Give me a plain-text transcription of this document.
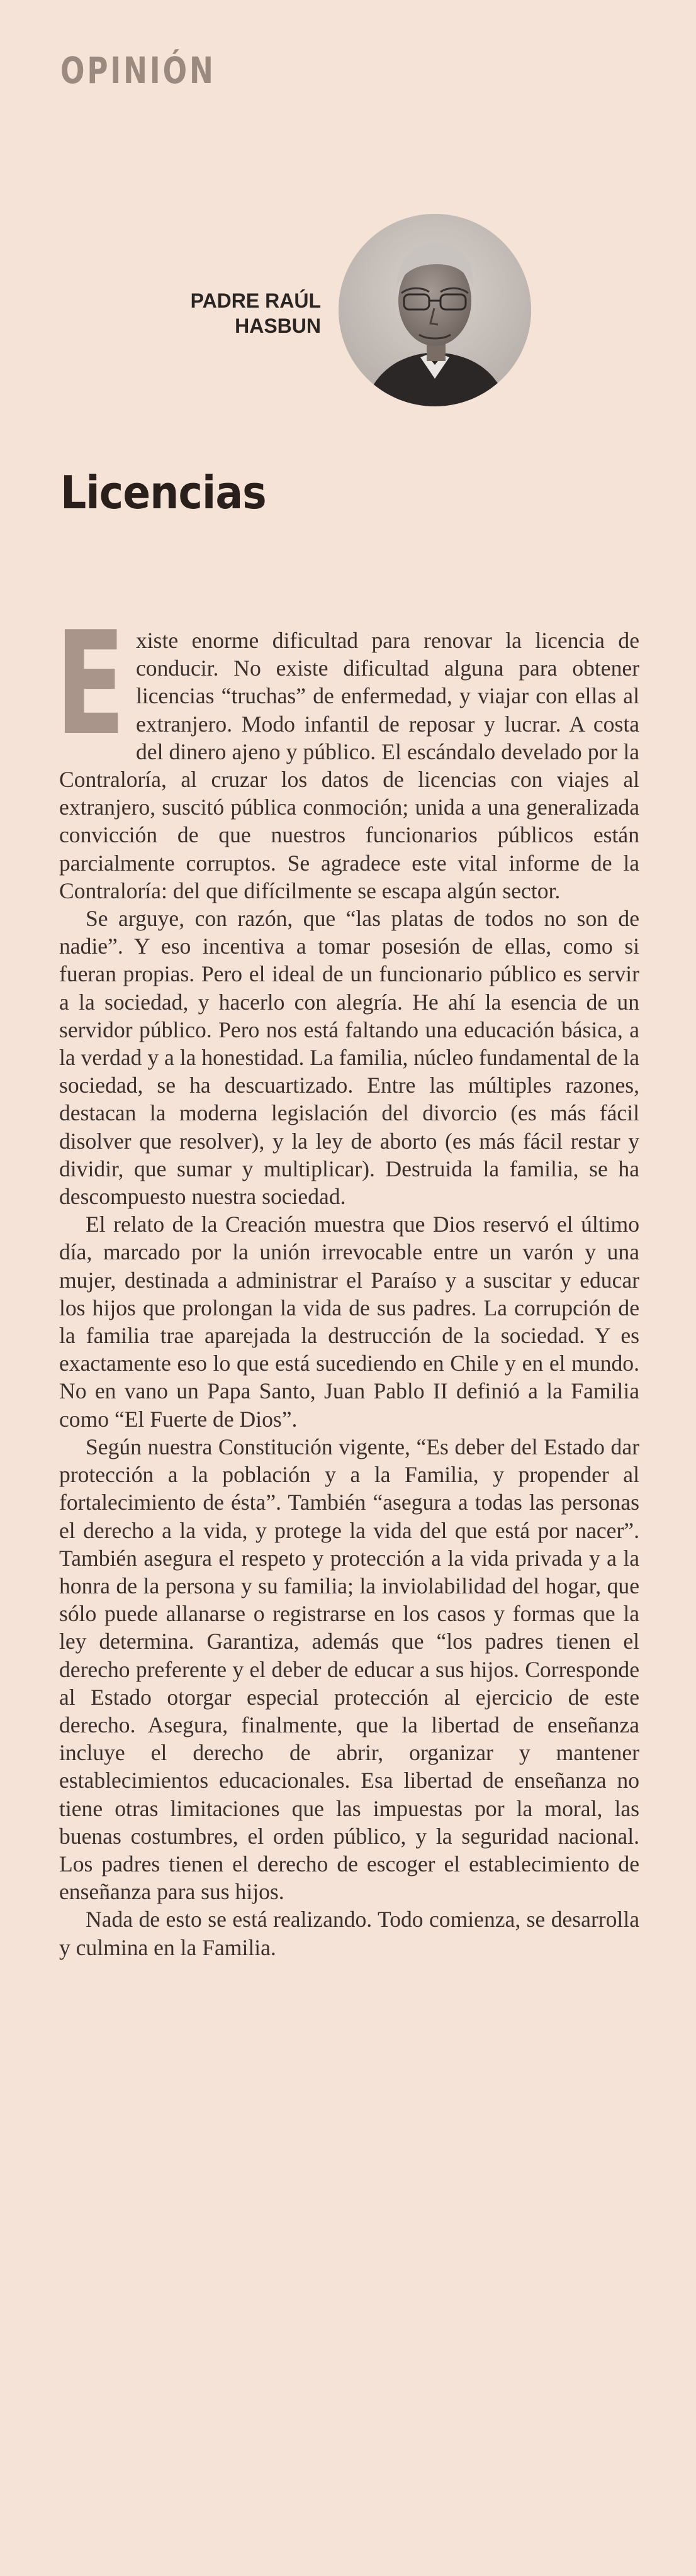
OPINIÓN
PADRE RAÚL
HASBUN
Licencias

Existe enorme dificultad para renovar la licencia de conducir. No existe dificultad alguna para obtener licencias “truchas” de enfermedad, y viajar con ellas al extranjero. Modo infantil de reposar y lucrar. A costa del dinero ajeno y público. El escándalo develado por la Contraloría, al cruzar los datos de licencias con viajes al extranjero, suscitó pública conmoción; unida a una generalizada convicción de que nuestros funcionarios públicos están parcialmente corruptos. Se agradece este vital informe de la Contraloría: del que difícilmente se escapa algún sector.

Se arguye, con razón, que “las platas de todos no son de nadie”. Y eso incentiva a tomar posesión de ellas, como si fueran propias. Pero el ideal de un funcionario público es servir a la sociedad, y hacerlo con alegría. He ahí la esencia de un servidor público. Pero nos está faltando una educación básica, a la verdad y a la honestidad. La familia, núcleo fundamental de la sociedad, se ha descuartizado. Entre las múltiples razones, destacan la moderna legislación del divorcio (es más fácil disolver que resolver), y la ley de aborto (es más fácil restar y dividir, que sumar y multiplicar). Destruida la familia, se ha descompuesto nuestra sociedad.

El relato de la Creación muestra que Dios reservó el último día, marcado por la unión irrevocable entre un varón y una mujer, destinada a administrar el Paraíso y a suscitar y educar los hijos que prolongan la vida de sus padres. La corrupción de la familia trae aparejada la destrucción de la sociedad. Y es exactamente eso lo que está sucediendo en Chile y en el mundo. No en vano un Papa Santo, Juan Pablo II definió a la Familia como “El Fuerte de Dios”.

Según nuestra Constitución vigente, “Es deber del Estado dar protección a la población y a la Familia, y propender al fortalecimiento de ésta”. También “asegura a todas las personas el derecho a la vida, y protege la vida del que está por nacer”. También asegura el respeto y protección a la vida privada y a la honra de la persona y su familia; la inviolabilidad del hogar, que sólo puede allanarse o registrarse en los casos y formas que la ley determina. Garantiza, además que “los padres tienen el derecho preferente y el deber de educar a sus hijos. Corresponde al Estado otorgar especial protección al ejercicio de este derecho. Asegura, finalmente, que la libertad de enseñanza incluye el derecho de abrir, organizar y mantener establecimientos educacionales. Esa libertad de enseñanza no tiene otras limitaciones que las impuestas por la moral, las buenas costumbres, el orden público, y la seguridad nacional. Los padres tienen el derecho de escoger el establecimiento de enseñanza para sus hijos.

Nada de esto se está realizando. Todo comienza, se desarrolla y culmina en la Familia.
